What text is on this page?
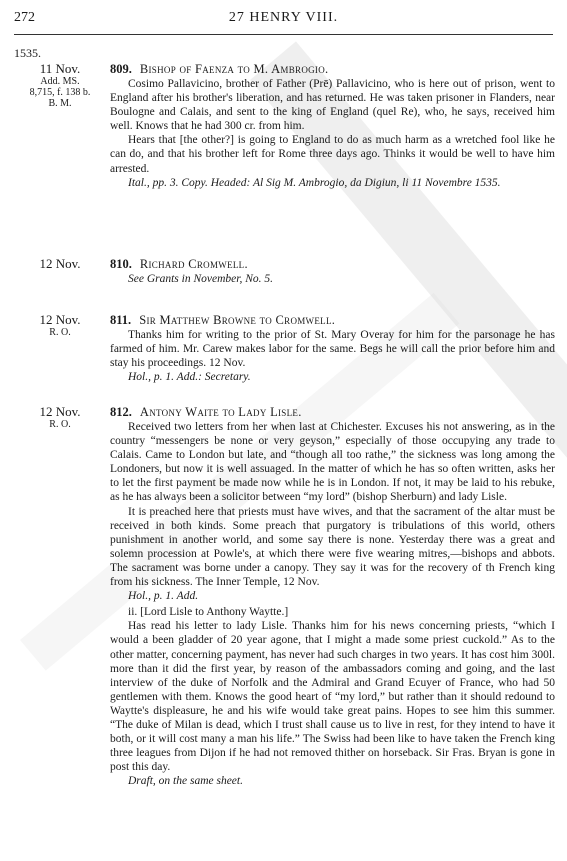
272	27 HENRY VIII.
1535.
11 Nov.
Add. MS.
8,715, f. 138 b.
B. M.
809. Bishop of Faenza to M. Ambrogio.

Cosimo Pallavicino, brother of Father (Prē) Pallavicino, who is here out of prison, went to England after his brother's liberation, and has returned. He was taken prisoner in Flanders, near Boulogne and Calais, and sent to the king of England (quel Re), who, he says, received him well. Knows that he had 300 cr. from him.

Hears that [the other?] is going to England to do as much harm as a wretched fool like he can do, and that his brother left for Rome three days ago. Thinks it would be well to have him arrested.

Ital., pp. 3. Copy. Headed: Al Sig M. Ambrogio, da Digiun, li 11 Novembre 1535.

12 Nov.	810. Richard Cromwell.

See Grants in November, No. 5.

12 Nov.
R. O.
811. Sir Matthew Browne to Cromwell.

Thanks him for writing to the prior of St. Mary Overay for him for the parsonage he has farmed of him. Mr. Carew makes labor for the same. Begs he will call the prior before him and stay his proceedings. 12 Nov.

Hol., p. 1. Add.: Secretary.

12 Nov.
R. O.
812. Antony Waite to Lady Lisle.

Received two letters from her when last at Chichester. Excuses his not answering, as in the country “messengers be none or very geyson,” especially of those occupying any trade to Calais. Came to London but late, and “though all too rathe,” the sickness was long among the Londoners, but now it is well assuaged. In the matter of which he has so often written, asks her to let the first payment be made now while he is in London. If not, it may be laid to his rebuke, as he has always been a solicitor between “my lord” (bishop Sherburn) and lady Lisle.

It is preached here that priests must have wives, and that the sacrament of the altar must be received in both kinds. Some preach that purgatory is tribulations of this world, others punishment in another world, and some say there is none. Yesterday there was a great and solemn procession at Powle's, at which there were five wearing mitres,—bishops and abbots. The sacrament was borne under a canopy. They say it was for the recovery of th French king from his sickness. The Inner Temple, 12 Nov.

Hol., p. 1. Add.

ii. [Lord Lisle to Anthony Waytte.]

Has read his letter to lady Lisle. Thanks him for his news concerning priests, “which I would a been gladder of 20 year agone, that I might a made some priest cuckold.” As to the other matter, concerning payment, has never had such charges in two years. It has cost him 300l. more than it did the first year, by reason of the ambassadors coming and going, and the last interview of the duke of Norfolk and the Admiral and Grand Ecuyer of France, who had 50 gentlemen with them. Knows the good heart of “my lord,” but rather than it should redound to Waytte's displeasure, he and his wife would take great pains. Hopes to see him this summer. “The duke of Milan is dead, which I trust shall cause us to live in rest, for they intend to have it both, or it will cost many a man his life.” The Swiss had been like to have taken the French king three leagues from Dijon if he had not removed thither on horseback. Sir Fras. Bryan is gone in post this day.

Draft, on the same sheet.
